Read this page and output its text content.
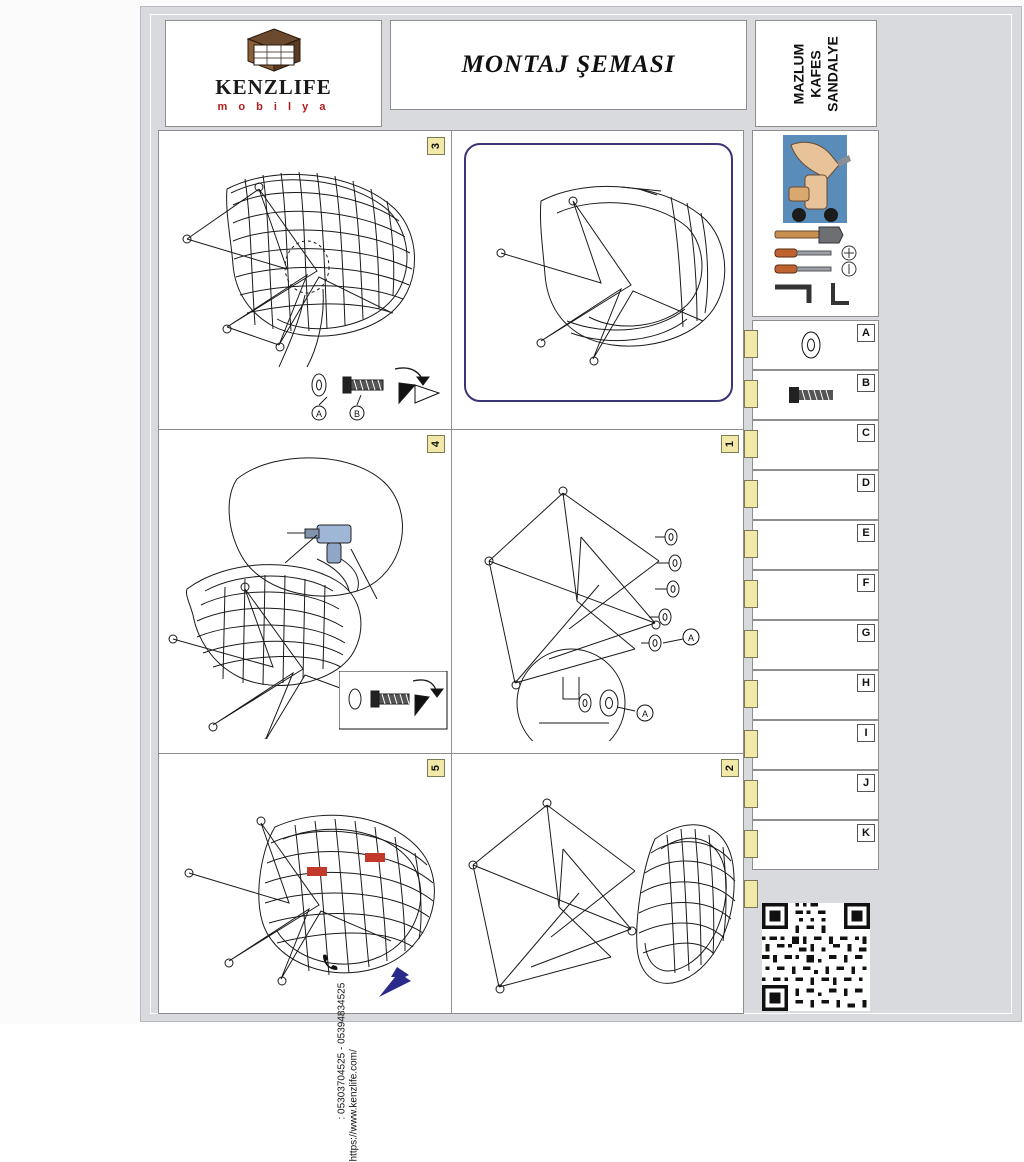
KENZLIFE
m o b i l y a
MONTAJ ŞEMASI	MAZLUM
KAFES
SANDALYE
3
4
5
1
2
A	B
A
A
: 05303704525 - 05394834525 https://www.kenzlife.com/
A
B
C
D
E
F
G
H
I
J
K
